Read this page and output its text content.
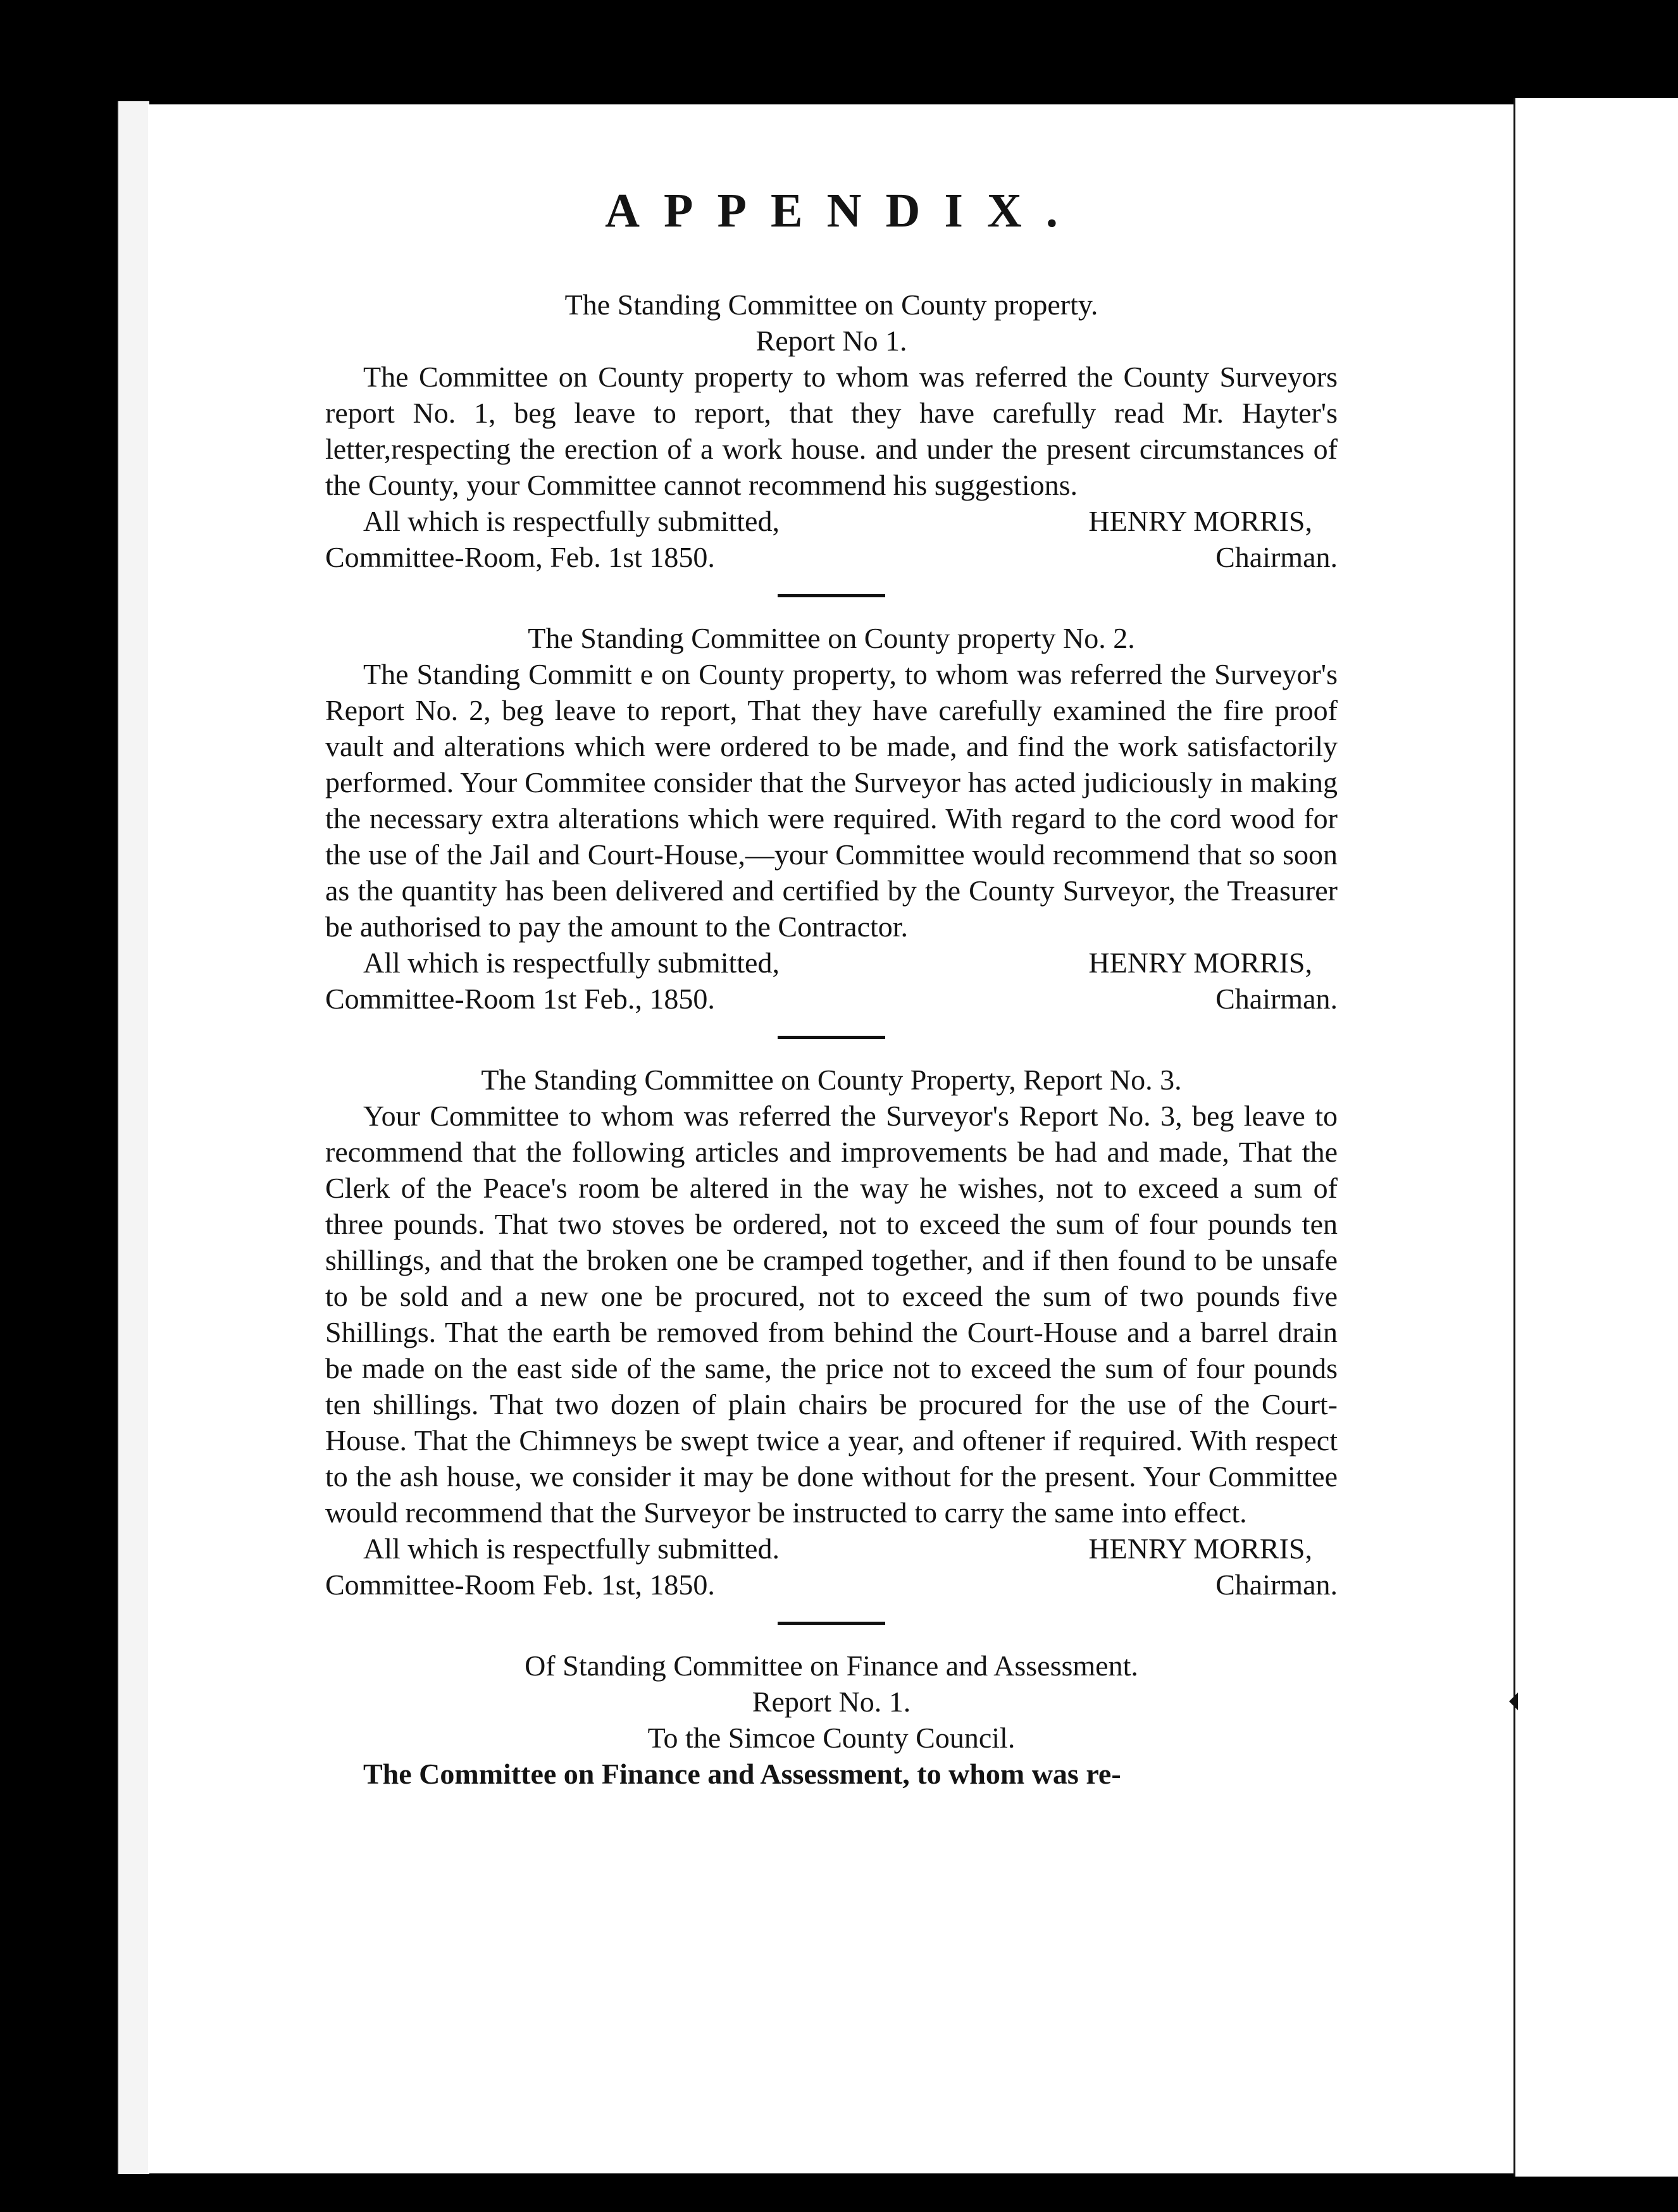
APPENDIX.

The Standing Committee on County property.

Report No 1.

The Committee on County property to whom was referred the County Surveyors report No. 1, beg leave to report, that they have carefully read Mr. Hayter's letter,respecting the erection of a work house. and under the present circumstances of the County, your Committee cannot recommend his suggestions.

All which is respectfully submitted,	HENRY MORRIS,
Committee-Room, Feb. 1st 1850.	Chairman.

The Standing Committee on County property No. 2.

The Standing Committ e on County property, to whom was referred the Surveyor's Report No. 2, beg leave to report, That they have carefully examined the fire proof vault and alterations which were ordered to be made, and find the work satisfactorily performed. Your Commitee consider that the Surveyor has acted judiciously in making the necessary extra alterations which were required. With regard to the cord wood for the use of the Jail and Court-House,—your Committee would recommend that so soon as the quantity has been delivered and certified by the County Surveyor, the Treasurer be authorised to pay the amount to the Contractor.

All which is respectfully submitted,	HENRY MORRIS,
Committee-Room 1st Feb., 1850.	Chairman.

The Standing Committee on County Property, Report No. 3.

Your Committee to whom was referred the Surveyor's Report No. 3, beg leave to recommend that the following articles and improvements be had and made, That the Clerk of the Peace's room be altered in the way he wishes, not to exceed a sum of three pounds. That two stoves be ordered, not to exceed the sum of four pounds ten shillings, and that the broken one be cramped together, and if then found to be unsafe to be sold and a new one be procured, not to exceed the sum of two pounds five Shillings. That the earth be removed from behind the Court-House and a barrel drain be made on the east side of the same, the price not to exceed the sum of four pounds ten shillings. That two dozen of plain chairs be procured for the use of the Court-House. That the Chimneys be swept twice a year, and oftener if required. With respect to the ash house, we consider it may be done without for the present. Your Committee would recommend that the Surveyor be instructed to carry the same into effect.

All which is respectfully submitted.	HENRY MORRIS,
Committee-Room Feb. 1st, 1850.	Chairman.

Of Standing Committee on Finance and Assessment.

Report No. 1.

To the Simcoe County Council.

The Committee on Finance and Assessment, to whom was re-
